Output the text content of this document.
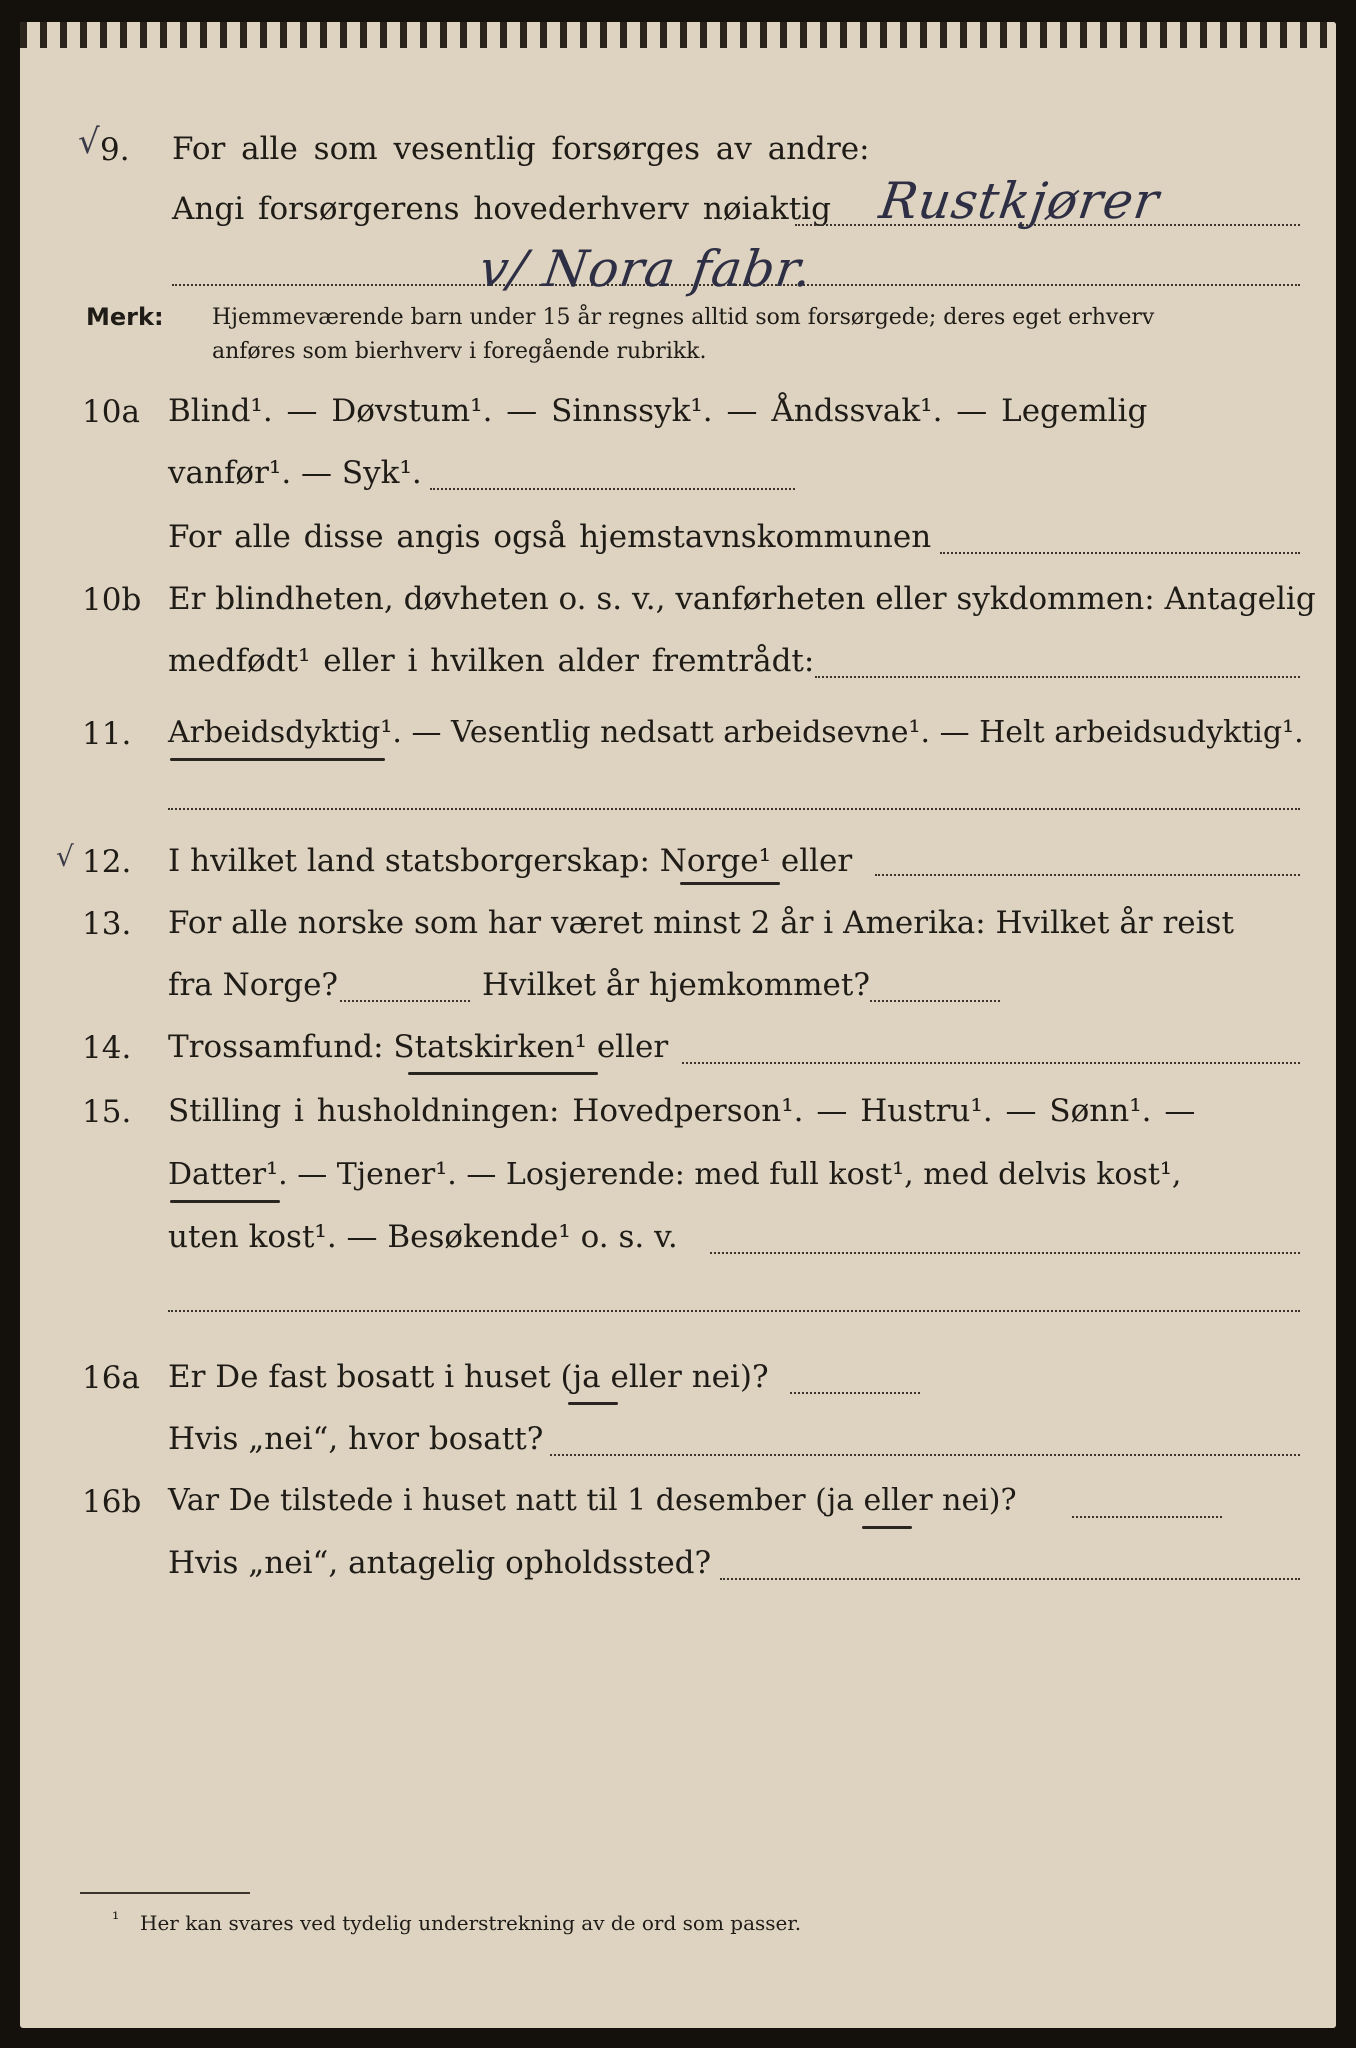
√ 9. For alle som vesentlig forsørges av andre:
Angi forsørgerens hovederhverv nøiaktig Rustkjører
v/ Nora fabr.
Merk: Hjemmeværende barn under 15 år regnes alltid som forsørgede; deres eget erhverv
anføres som bierhverv i foregående rubrikk.
10a Blind¹. — Døvstum¹. — Sinnssyk¹. — Åndssvak¹. — Legemlig
vanfør¹. — Syk¹.
For alle disse angis også hjemstavnskommunen
10b Er blindheten, døvheten o. s. v., vanførheten eller sykdommen: Antagelig
medfødt¹ eller i hvilken alder fremtrådt:
11. Arbeidsdyktig¹. — Vesentlig nedsatt arbeidsevne¹. — Helt arbeidsudyktig¹.
√ 12. I hvilket land statsborgerskap: Norge¹ eller
13. For alle norske som har været minst 2 år i Amerika: Hvilket år reist
fra Norge?	Hvilket år hjemkommet?
14. Trossamfund: Statskirken¹ eller
15. Stilling i husholdningen: Hovedperson¹. — Hustru¹. — Sønn¹. —
Datter¹. — Tjener¹. — Losjerende: med full kost¹, med delvis kost¹,
uten kost¹. — Besøkende¹ o. s. v.
16a Er De fast bosatt i huset (ja eller nei)?
Hvis „nei“, hvor bosatt?
16b Var De tilstede i huset natt til 1 desember (ja eller nei)?
Hvis „nei“, antagelig opholdssted?
¹ Her kan svares ved tydelig understrekning av de ord som passer.
